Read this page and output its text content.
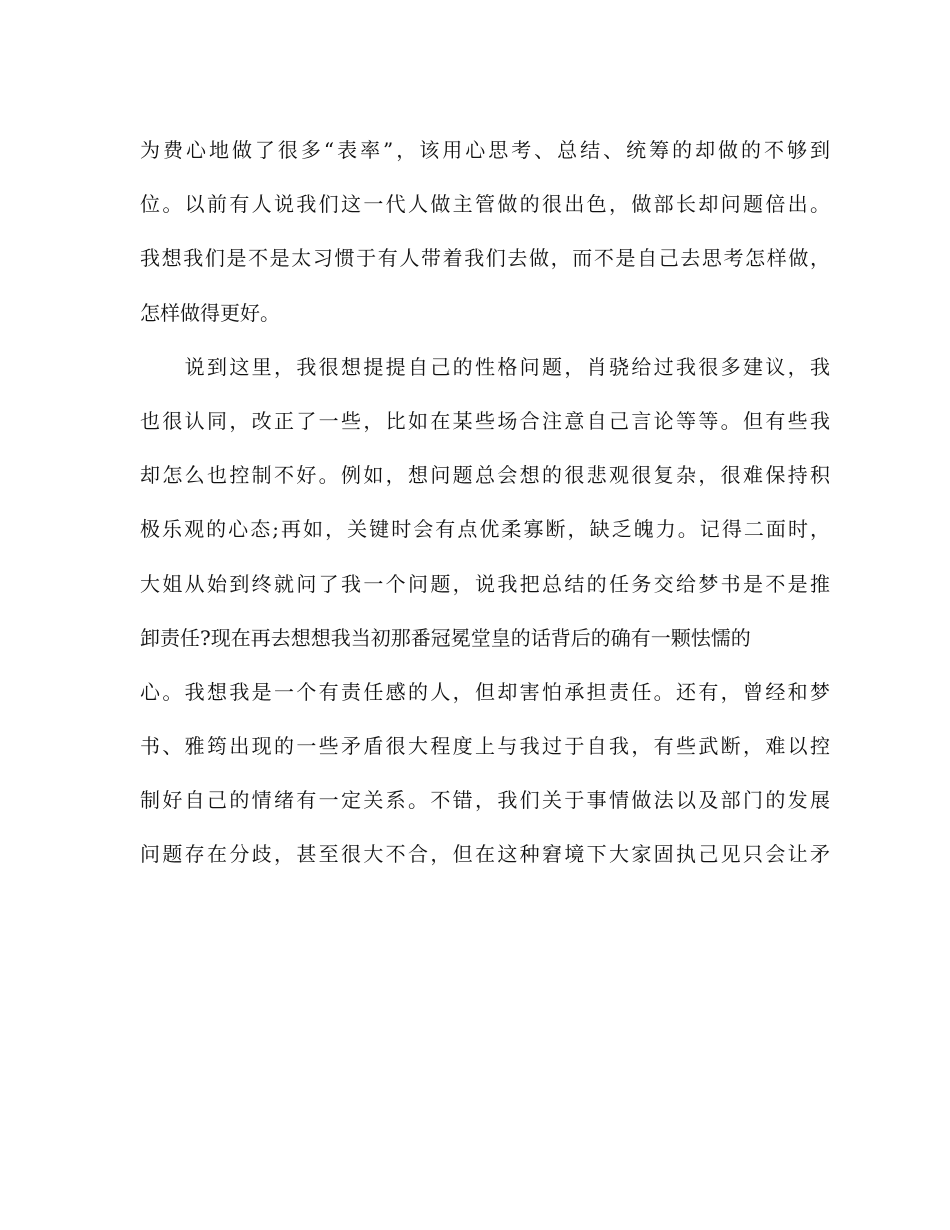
为费心地做了很多“表率”，该用心思考、总结、统筹的却做的不够到
位。以前有人说我们这一代人做主管做的很出色，做部长却问题倍出。
我想我们是不是太习惯于有人带着我们去做，而不是自己去思考怎样做，
怎样做得更好。
　　说到这里，我很想提提自己的性格问题，肖骁给过我很多建议，我
也很认同，改正了一些，比如在某些场合注意自己言论等等。但有些我
却怎么也控制不好。例如，想问题总会想的很悲观很复杂，很难保持积
极乐观的心态;再如，关键时会有点优柔寡断，缺乏魄力。记得二面时，
大姐从始到终就问了我一个问题，说我把总结的任务交给梦书是不是推
卸责任?现在再去想想我当初那番冠冕堂皇的话背后的确有一颗怯懦的
心。我想我是一个有责任感的人，但却害怕承担责任。还有，曾经和梦
书、雅筠出现的一些矛盾很大程度上与我过于自我，有些武断，难以控
制好自己的情绪有一定关系。不错，我们关于事情做法以及部门的发展
问题存在分歧，甚至很大不合，但在这种窘境下大家固执己见只会让矛
